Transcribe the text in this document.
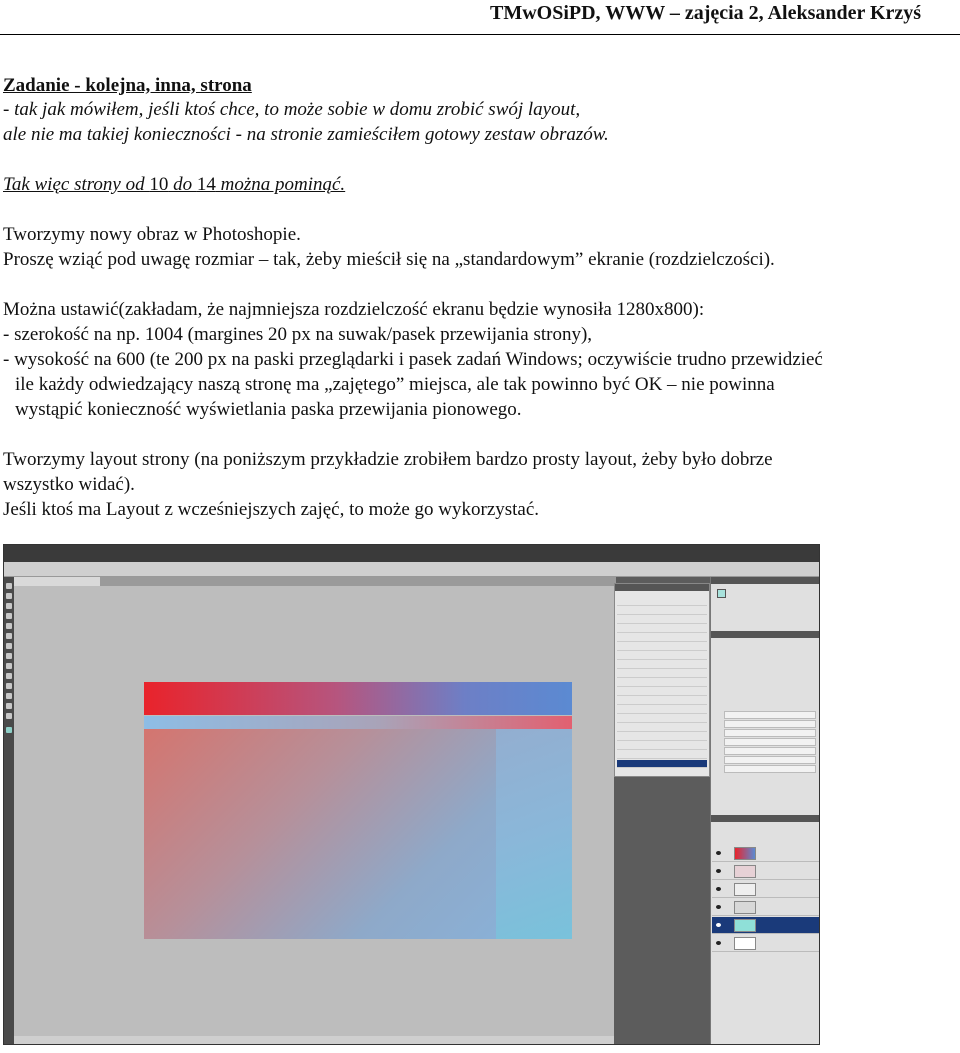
TMwOSiPD, WWW – zajęcia 2, Aleksander Krzyś
Zadanie - kolejna, inna, strona
- tak jak mówiłem, jeśli ktoś chce, to może sobie w domu zrobić swój layout,
ale nie ma takiej konieczności - na stronie zamieściłem gotowy zestaw obrazów.
Tak więc strony od 10 do 14 można pominąć.
Tworzymy nowy obraz w Photoshopie.
Proszę wziąć pod uwagę rozmiar – tak, żeby mieścił się na „standardowym” ekranie (rozdzielczości).
Można ustawić(zakładam, że najmniejsza rozdzielczość ekranu będzie wynosiła 1280x800):
- szerokość na np. 1004 (margines 20 px na suwak/pasek przewijania strony),
- wysokość na 600 (te 200 px na paski przeglądarki i pasek zadań Windows; oczywiście trudno przewidzieć
ile każdy odwiedzający naszą stronę ma „zajętego” miejsca, ale tak powinno być OK – nie powinna
wystąpić konieczność wyświetlania paska przewijania pionowego.
Tworzymy layout strony (na poniższym przykładzie zrobiłem bardzo prosty layout, żeby było dobrze
wszystko widać).
Jeśli ktoś ma Layout z wcześniejszych zajęć, to może go wykorzystać.
